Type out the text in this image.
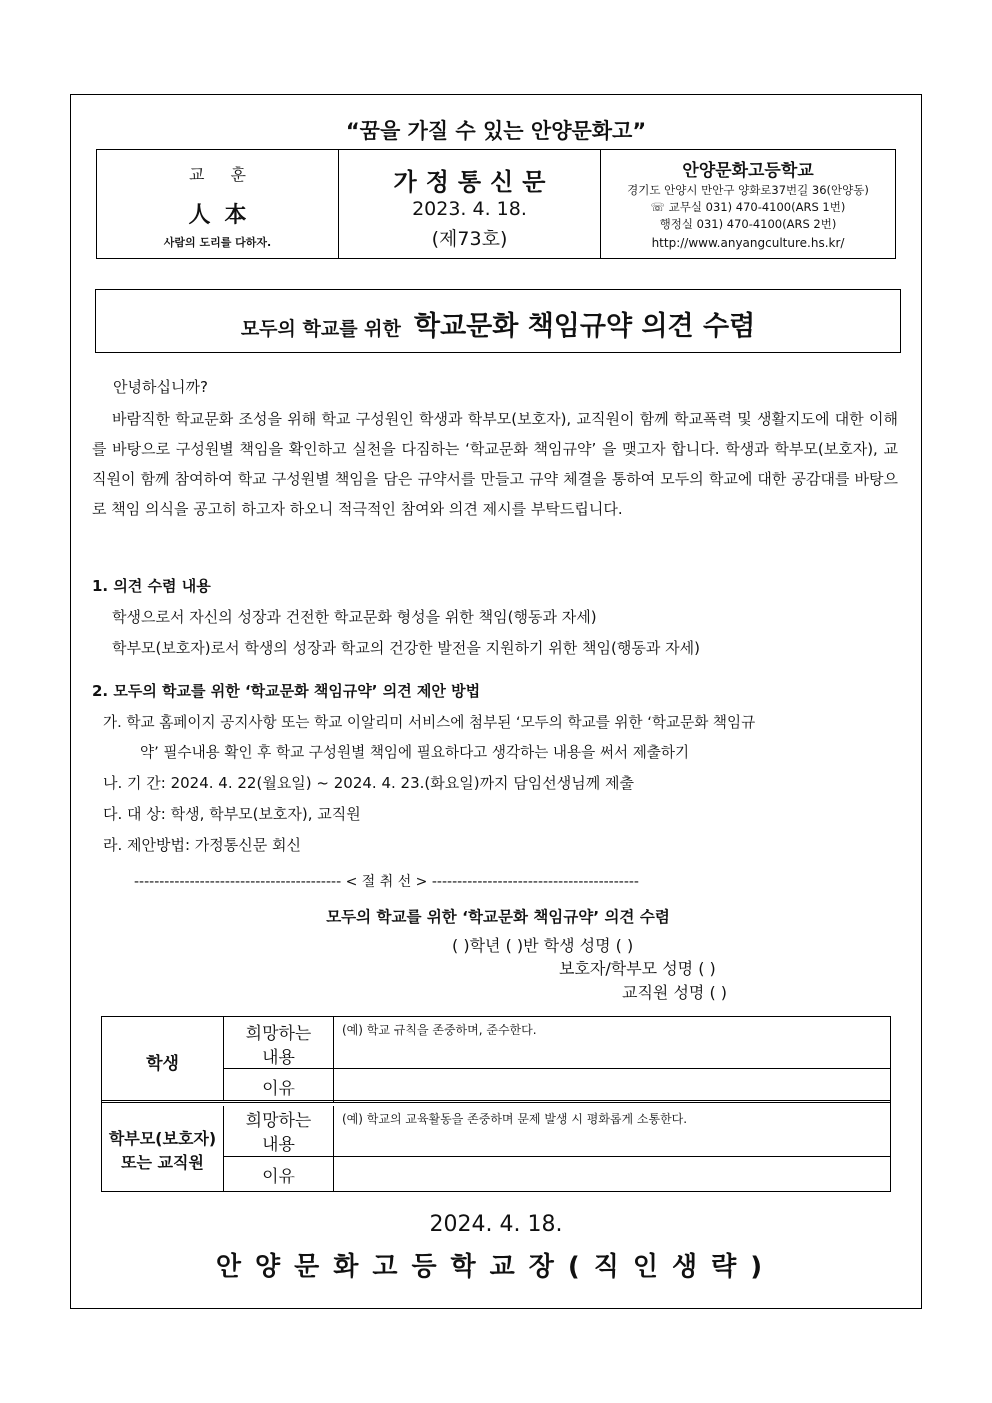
“꿈을 가질 수 있는 안양문화고”
교훈
人本
사람의 도리를 다하자.
가정통신문
2023. 4. 18.
(제73호)
안양문화고등학교
경기도 안양시 만안구 양화로37번길 36(안양동)
☏ 교무실 031) 470-4100(ARS 1번)
행정실 031) 470-4100(ARS 2번)
http://www.anyangculture.hs.kr/
모두의 학교를 위한 학교문화 책임규약 의견 수렴
안녕하십니까?
바람직한 학교문화 조성을 위해 학교 구성원인 학생과 학부모(보호자), 교직원이 함께 학교폭력 및 생활지도에 대한 이해를 바탕으로 구성원별 책임을 확인하고 실천을 다짐하는 ‘학교문화 책임규약’ 을 맺고자 합니다. 학생과 학부모(보호자), 교직원이 함께 참여하여 학교 구성원별 책임을 담은 규약서를 만들고 규약 체결을 통하여 모두의 학교에 대한 공감대를 바탕으로 책임 의식을 공고히 하고자 하오니 적극적인 참여와 의견 제시를 부탁드립니다.
1. 의견 수렴 내용
학생으로서 자신의 성장과 건전한 학교문화 형성을 위한 책임(행동과 자세)
학부모(보호자)로서 학생의 성장과 학교의 건강한 발전을 지원하기 위한 책임(행동과 자세)
2. 모두의 학교를 위한 ‘학교문화 책임규약’ 의견 제안 방법
가. 학교 홈페이지 공지사항 또는 학교 이알리미 서비스에 첨부된 ‘모두의 학교를 위한 ‘학교문화 책임규
약’ 필수내용 확인 후 학교 구성원별 책임에 필요하다고 생각하는 내용을 써서 제출하기
나. 기 간: 2024. 4. 22(월요일) ~ 2024. 4. 23.(화요일)까지 담임선생님께 제출
다. 대 상: 학생, 학부모(보호자), 교직원
라. 제안방법: 가정통신문 회신
----------------------------------------- < 절 취 선 > -----------------------------------------
모두의 학교를 위한 ‘학교문화 책임규약’ 의견 수렴
( )학년 ( )반 학생 성명 ( )
보호자/학부모 성명 ( )
교직원 성명 ( )
학생
희망하는
내용
(예) 학교 규칙을 존중하며, 준수한다.
이유
학부모(보호자)
또는 교직원
희망하는
내용
(예) 학교의 교육활동을 존중하며 문제 발생 시 평화롭게 소통한다.
이유
2024. 4. 18.
안양문화고등학교장(직인생략)
